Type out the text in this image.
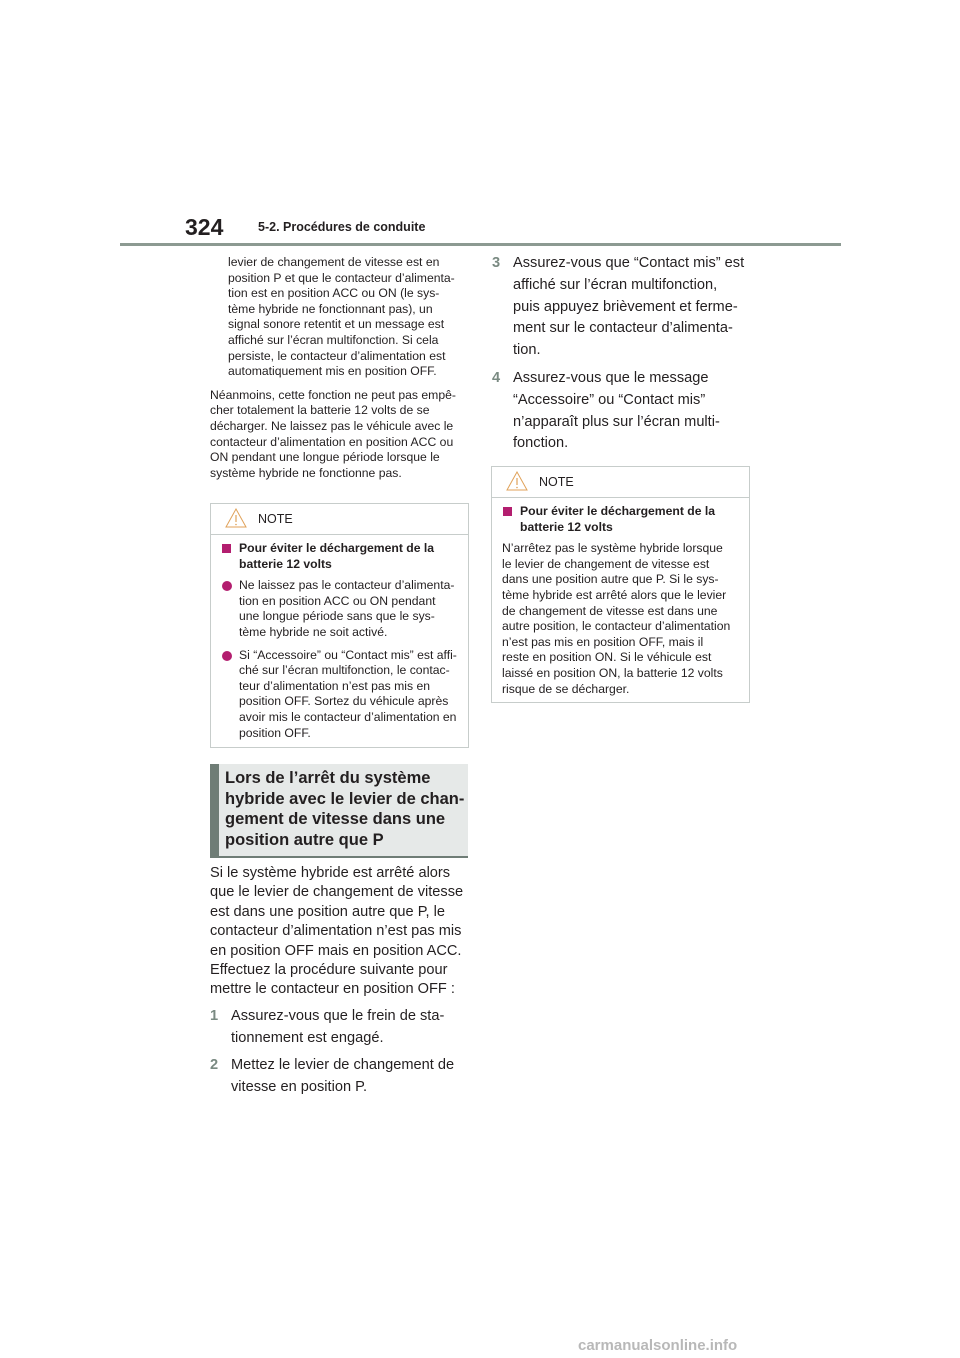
324	5-2. Procédures de conduite

levier de changement de vitesse est en
position P et que le contacteur d’alimenta-
tion est en position ACC ou ON (le sys-
tème hybride ne fonctionnant pas), un
signal sonore retentit et un message est
affiché sur l’écran multifonction. Si cela
persiste, le contacteur d’alimentation est
automatiquement mis en position OFF.

Néanmoins, cette fonction ne peut pas empê-
cher totalement la batterie 12 volts de se
décharger. Ne laissez pas le véhicule avec le
contacteur d’alimentation en position ACC ou
ON pendant une longue période lorsque le
système hybride ne fonctionne pas.

NOTE

Pour éviter le déchargement de la
batterie 12 volts

Ne laissez pas le contacteur d’alimenta-
tion en position ACC ou ON pendant
une longue période sans que le sys-
tème hybride ne soit activé.

Si “Accessoire” ou “Contact mis” est affi-
ché sur l’écran multifonction, le contac-
teur d’alimentation n’est pas mis en
position OFF. Sortez du véhicule après
avoir mis le contacteur d’alimentation en
position OFF.

Lors de l’arrêt du système
hybride avec le levier de chan-
gement de vitesse dans une
position autre que P

Si le système hybride est arrêté alors
que le levier de changement de vitesse
est dans une position autre que P, le
contacteur d’alimentation n’est pas mis
en position OFF mais en position ACC.
Effectuez la procédure suivante pour
mettre le contacteur en position OFF :

1 Assurez-vous que le frein de sta-
tionnement est engagé.

2 Mettez le levier de changement de
vitesse en position P.

3 Assurez-vous que “Contact mis” est
affiché sur l’écran multifonction,
puis appuyez brièvement et ferme-
ment sur le contacteur d’alimenta-
tion.

4 Assurez-vous que le message
“Accessoire” ou “Contact mis”
n’apparaît plus sur l’écran multi-
fonction.

NOTE

Pour éviter le déchargement de la
batterie 12 volts

N’arrêtez pas le système hybride lorsque
le levier de changement de vitesse est
dans une position autre que P. Si le sys-
tème hybride est arrêté alors que le levier
de changement de vitesse est dans une
autre position, le contacteur d’alimentation
n’est pas mis en position OFF, mais il
reste en position ON. Si le véhicule est
laissé en position ON, la batterie 12 volts
risque de se décharger.

carmanualsonline.info
